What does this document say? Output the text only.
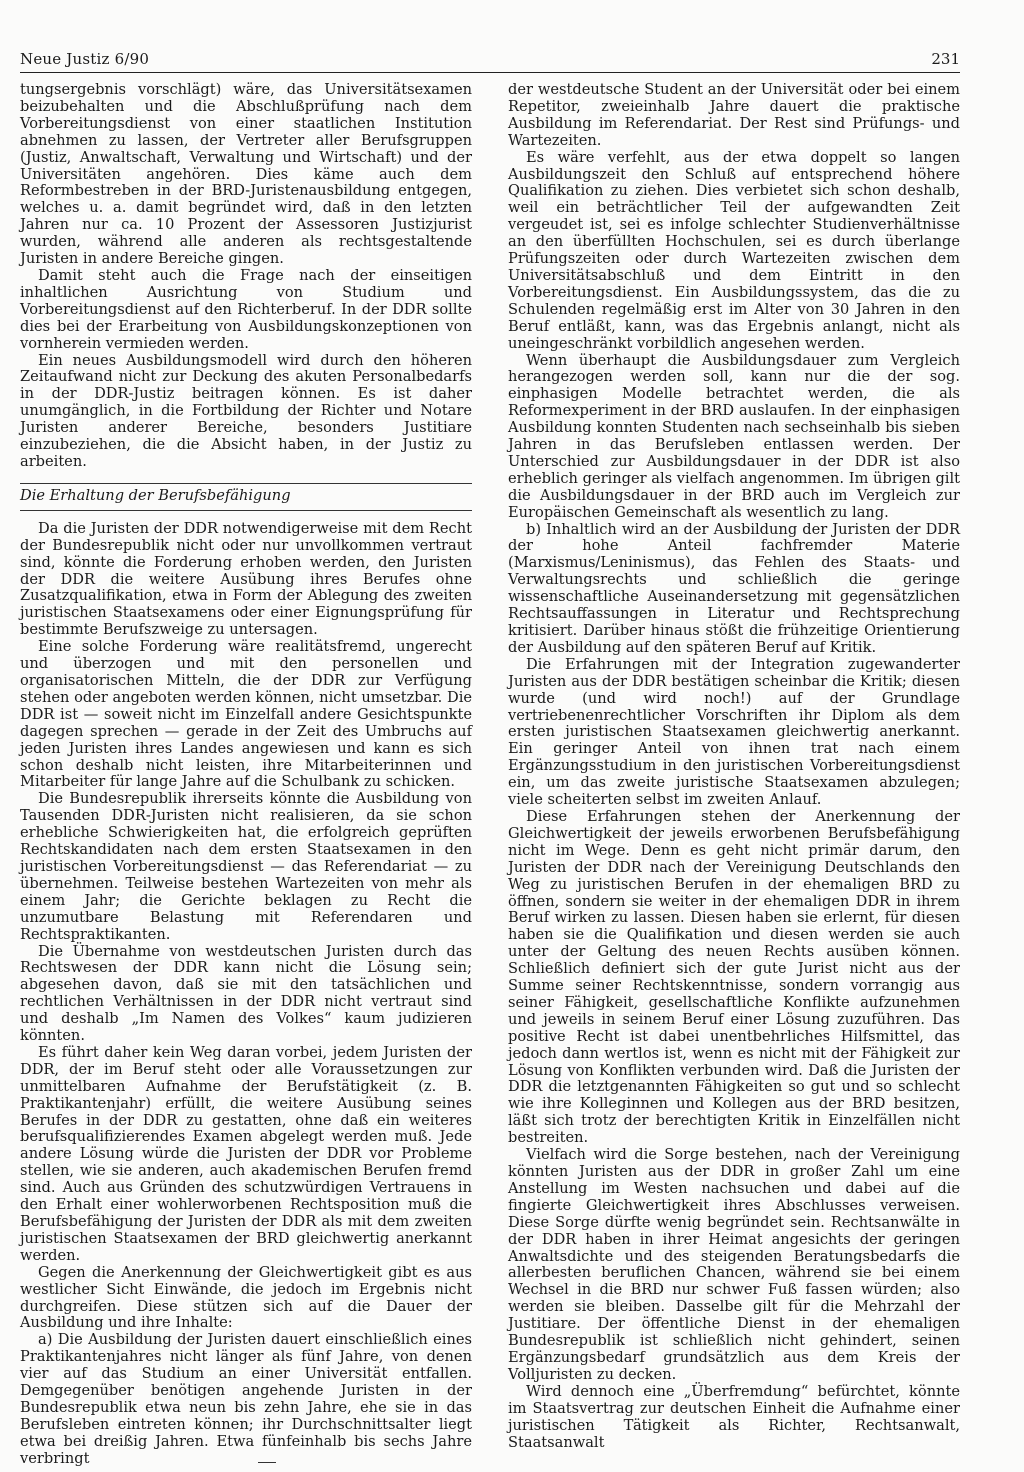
Neue Justiz 6/90	231

tungsergebnis vorschlägt) wäre, das Universitätsexamen beizubehalten und die Abschlußprüfung nach dem Vorbereitungsdienst von einer staatlichen Institution abnehmen zu lassen, der Vertreter aller Berufsgruppen (Justiz, Anwaltschaft, Verwaltung und Wirtschaft) und der Universitäten angehören. Dies käme auch dem Reformbestreben in der BRD-Juristenausbildung entgegen, welches u. a. damit begründet wird, daß in den letzten Jahren nur ca. 10 Prozent der Assessoren Justizjurist wurden, während alle anderen als rechtsgestaltende Juristen in andere Bereiche gingen.

Damit steht auch die Frage nach der einseitigen inhaltlichen Ausrichtung von Studium und Vorbereitungsdienst auf den Richterberuf. In der DDR sollte dies bei der Erarbeitung von Ausbildungskonzeptionen von vornherein vermieden werden.

Ein neues Ausbildungsmodell wird durch den höheren Zeitaufwand nicht zur Deckung des akuten Personalbedarfs in der DDR-Justiz beitragen können. Es ist daher unumgänglich, in die Fortbildung der Richter und Notare Juristen anderer Bereiche, besonders Justitiare einzubeziehen, die die Absicht haben, in der Justiz zu arbeiten.

Die Erhaltung der Berufsbefähigung

Da die Juristen der DDR notwendigerweise mit dem Recht der Bundesrepublik nicht oder nur unvollkommen vertraut sind, könnte die Forderung erhoben werden, den Juristen der DDR die weitere Ausübung ihres Berufes ohne Zusatzqualifikation, etwa in Form der Ablegung des zweiten juristischen Staatsexamens oder einer Eignungsprüfung für bestimmte Berufszweige zu untersagen.

Eine solche Forderung wäre realitätsfremd, ungerecht und überzogen und mit den personellen und organisatorischen Mitteln, die der DDR zur Verfügung stehen oder angeboten werden können, nicht umsetzbar. Die DDR ist — soweit nicht im Einzelfall andere Gesichtspunkte dagegen sprechen — gerade in der Zeit des Umbruchs auf jeden Juristen ihres Landes angewiesen und kann es sich schon deshalb nicht leisten, ihre Mitarbeiterinnen und Mitarbeiter für lange Jahre auf die Schulbank zu schicken.

Die Bundesrepublik ihrerseits könnte die Ausbildung von Tausenden DDR-Juristen nicht realisieren, da sie schon erhebliche Schwierigkeiten hat, die erfolgreich geprüften Rechtskandidaten nach dem ersten Staatsexamen in den juristischen Vorbereitungsdienst — das Referendariat — zu übernehmen. Teilweise bestehen Wartezeiten von mehr als einem Jahr; die Gerichte beklagen zu Recht die unzumutbare Belastung mit Referendaren und Rechtspraktikanten.

Die Übernahme von westdeutschen Juristen durch das Rechtswesen der DDR kann nicht die Lösung sein; abgesehen davon, daß sie mit den tatsächlichen und rechtlichen Verhältnissen in der DDR nicht vertraut sind und deshalb „Im Namen des Volkes“ kaum judizieren könnten.

Es führt daher kein Weg daran vorbei, jedem Juristen der DDR, der im Beruf steht oder alle Voraussetzungen zur unmittelbaren Aufnahme der Berufstätigkeit (z. B. Praktikantenjahr) erfüllt, die weitere Ausübung seines Berufes in der DDR zu gestatten, ohne daß ein weiteres berufsqualifizierendes Examen abgelegt werden muß. Jede andere Lösung würde die Juristen der DDR vor Probleme stellen, wie sie anderen, auch akademischen Berufen fremd sind. Auch aus Gründen des schutzwürdigen Vertrauens in den Erhalt einer wohlerworbenen Rechtsposition muß die Berufsbefähigung der Juristen der DDR als mit dem zweiten juristischen Staatsexamen der BRD gleichwertig anerkannt werden.

Gegen die Anerkennung der Gleichwertigkeit gibt es aus westlicher Sicht Einwände, die jedoch im Ergebnis nicht durchgreifen. Diese stützen sich auf die Dauer der Ausbildung und ihre Inhalte:

a) Die Ausbildung der Juristen dauert einschließlich eines Praktikantenjahres nicht länger als fünf Jahre, von denen vier auf das Studium an einer Universität entfallen. Demgegenüber benötigen angehende Juristen in der Bundesrepublik etwa neun bis zehn Jahre, ehe sie in das Berufsleben eintreten können; ihr Durchschnittsalter liegt etwa bei dreißig Jahren. Etwa fünfeinhalb bis sechs Jahre verbringt

der westdeutsche Student an der Universität oder bei einem Repetitor, zweieinhalb Jahre dauert die praktische Ausbildung im Referendariat. Der Rest sind Prüfungs- und Wartezeiten.

Es wäre verfehlt, aus der etwa doppelt so langen Ausbildungszeit den Schluß auf entsprechend höhere Qualifikation zu ziehen. Dies verbietet sich schon deshalb, weil ein beträchtlicher Teil der aufgewandten Zeit vergeudet ist, sei es infolge schlechter Studienverhältnisse an den überfüllten Hochschulen, sei es durch überlange Prüfungszeiten oder durch Wartezeiten zwischen dem Universitätsabschluß und dem Eintritt in den Vorbereitungsdienst. Ein Ausbildungssystem, das die zu Schulenden regelmäßig erst im Alter von 30 Jahren in den Beruf entläßt, kann, was das Ergebnis anlangt, nicht als uneingeschränkt vorbildlich angesehen werden.

Wenn überhaupt die Ausbildungsdauer zum Vergleich herangezogen werden soll, kann nur die der sog. einphasigen Modelle betrachtet werden, die als Reformexperiment in der BRD auslaufen. In der einphasigen Ausbildung konnten Studenten nach sechseinhalb bis sieben Jahren in das Berufsleben entlassen werden. Der Unterschied zur Ausbildungsdauer in der DDR ist also erheblich geringer als vielfach angenommen. Im übrigen gilt die Ausbildungsdauer in der BRD auch im Vergleich zur Europäischen Gemeinschaft als wesentlich zu lang.

b) Inhaltlich wird an der Ausbildung der Juristen der DDR der hohe Anteil fachfremder Materie (Marxismus/Leninismus), das Fehlen des Staats- und Verwaltungsrechts und schließlich die geringe wissenschaftliche Auseinandersetzung mit gegensätzlichen Rechtsauffassungen in Literatur und Rechtsprechung kritisiert. Darüber hinaus stößt die frühzeitige Orientierung der Ausbildung auf den späteren Beruf auf Kritik.

Die Erfahrungen mit der Integration zugewanderter Juristen aus der DDR bestätigen scheinbar die Kritik; diesen wurde (und wird noch!) auf der Grundlage vertriebenenrechtlicher Vorschriften ihr Diplom als dem ersten juristischen Staatsexamen gleichwertig anerkannt. Ein geringer Anteil von ihnen trat nach einem Ergänzungsstudium in den juristischen Vorbereitungsdienst ein, um das zweite juristische Staatsexamen abzulegen; viele scheiterten selbst im zweiten Anlauf.

Diese Erfahrungen stehen der Anerkennung der Gleichwertigkeit der jeweils erworbenen Berufsbefähigung nicht im Wege. Denn es geht nicht primär darum, den Juristen der DDR nach der Vereinigung Deutschlands den Weg zu juristischen Berufen in der ehemaligen BRD zu öffnen, sondern sie weiter in der ehemaligen DDR in ihrem Beruf wirken zu lassen. Diesen haben sie erlernt, für diesen haben sie die Qualifikation und diesen werden sie auch unter der Geltung des neuen Rechts ausüben können. Schließlich definiert sich der gute Jurist nicht aus der Summe seiner Rechtskenntnisse, sondern vorrangig aus seiner Fähigkeit, gesellschaftliche Konflikte aufzunehmen und jeweils in seinem Beruf einer Lösung zuzuführen. Das positive Recht ist dabei unentbehrliches Hilfsmittel, das jedoch dann wertlos ist, wenn es nicht mit der Fähigkeit zur Lösung von Konflikten verbunden wird. Daß die Juristen der DDR die letztgenannten Fähigkeiten so gut und so schlecht wie ihre Kolleginnen und Kollegen aus der BRD besitzen, läßt sich trotz der berechtigten Kritik in Einzelfällen nicht bestreiten.

Vielfach wird die Sorge bestehen, nach der Vereinigung könnten Juristen aus der DDR in großer Zahl um eine Anstellung im Westen nachsuchen und dabei auf die fingierte Gleichwertigkeit ihres Abschlusses verweisen. Diese Sorge dürfte wenig begründet sein. Rechtsanwälte in der DDR haben in ihrer Heimat angesichts der geringen Anwaltsdichte und des steigenden Beratungsbedarfs die allerbesten beruflichen Chancen, während sie bei einem Wechsel in die BRD nur schwer Fuß fassen würden; also werden sie bleiben. Dasselbe gilt für die Mehrzahl der Justitiare. Der öffentliche Dienst in der ehemaligen Bundesrepublik ist schließlich nicht gehindert, seinen Ergänzungsbedarf grundsätzlich aus dem Kreis der Volljuristen zu decken.

Wird dennoch eine „Überfremdung“ befürchtet, könnte im Staatsvertrag zur deutschen Einheit die Aufnahme einer juristischen Tätigkeit als Richter, Rechtsanwalt, Staatsanwalt
